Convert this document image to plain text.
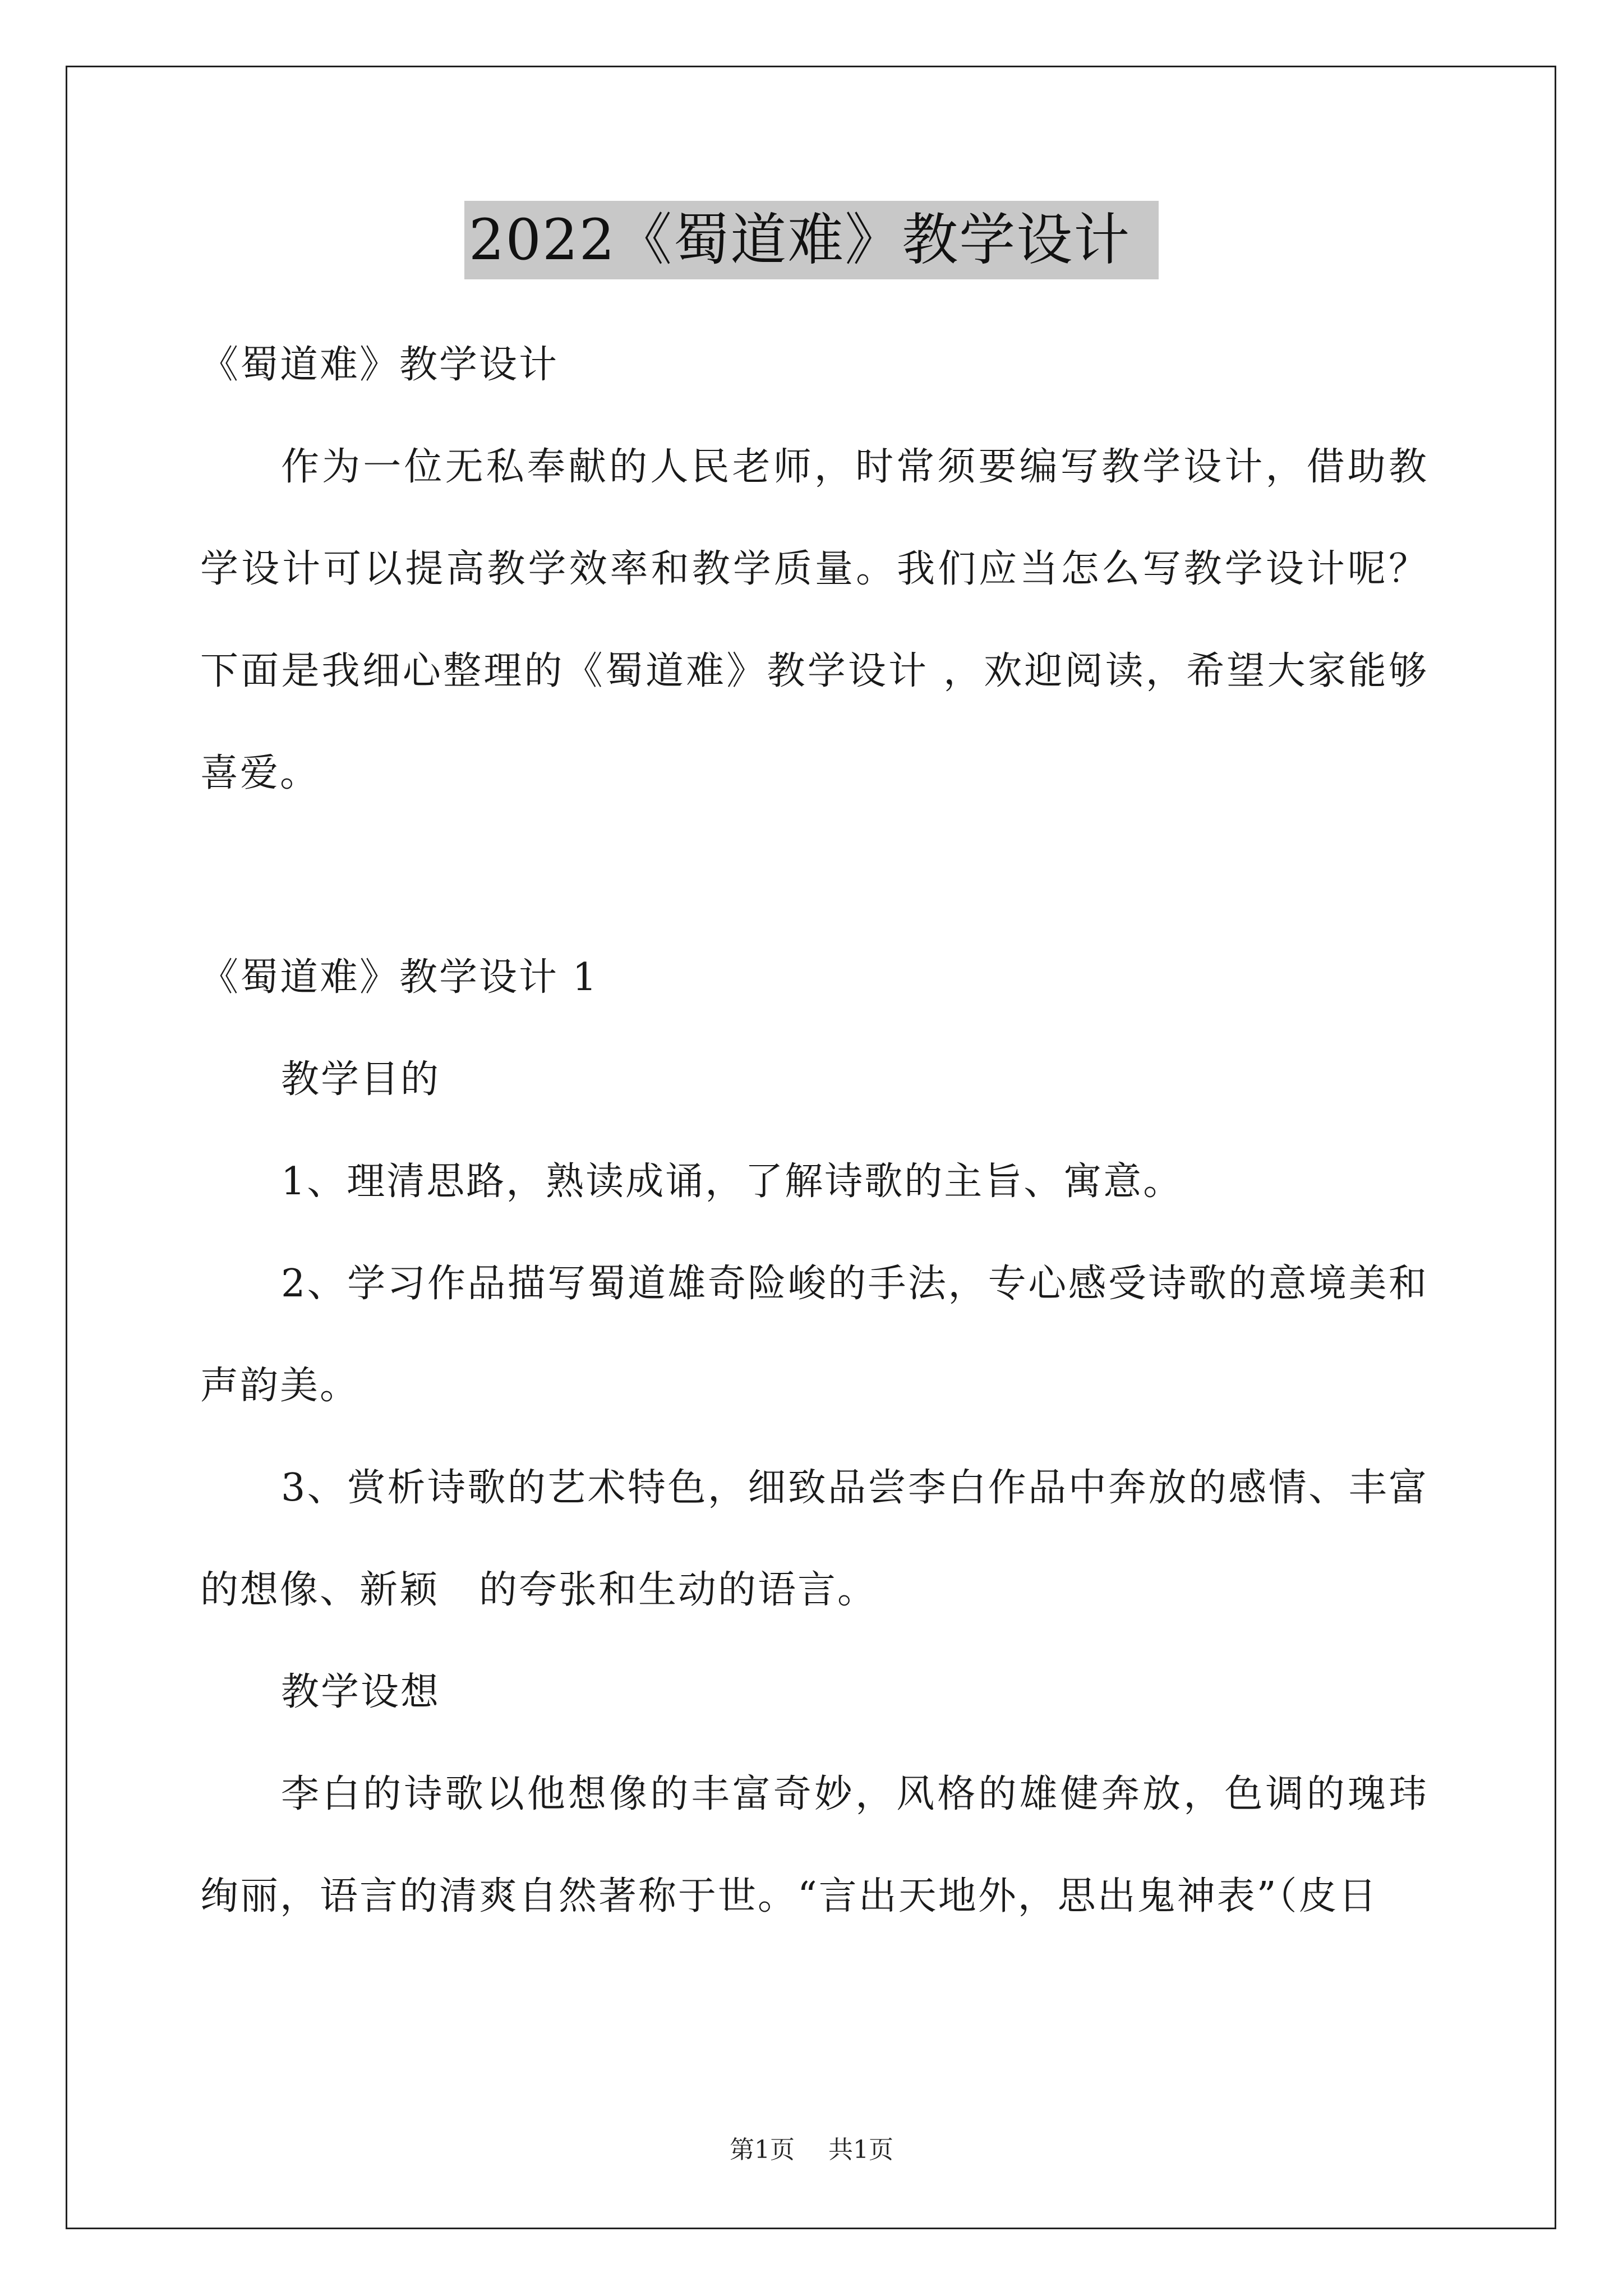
2022《蜀道难》教学设计

《蜀道难》教学设计

作为一位无私奉献的人民老师，时常须要编写教学设计，借助教学设计可以提高教学效率和教学质量。我们应当怎么写教学设计呢？下面是我细心整理的《蜀道难》教学设计 ，欢迎阅读，希望大家能够喜爱。

《蜀道难》教学设计 1

教学目的

1、理清思路，熟读成诵，了解诗歌的主旨、寓意。

2、学习作品描写蜀道雄奇险峻的手法，专心感受诗歌的意境美和声韵美。

3、赏析诗歌的艺术特色，细致品尝李白作品中奔放的感情、丰富的想像、新颖　的夸张和生动的语言。

教学设想

李白的诗歌以他想像的丰富奇妙，风格的雄健奔放，色调的瑰玮绚丽，语言的清爽自然著称于世。“言出天地外，思出鬼神表”（皮日

第1页 共1页
